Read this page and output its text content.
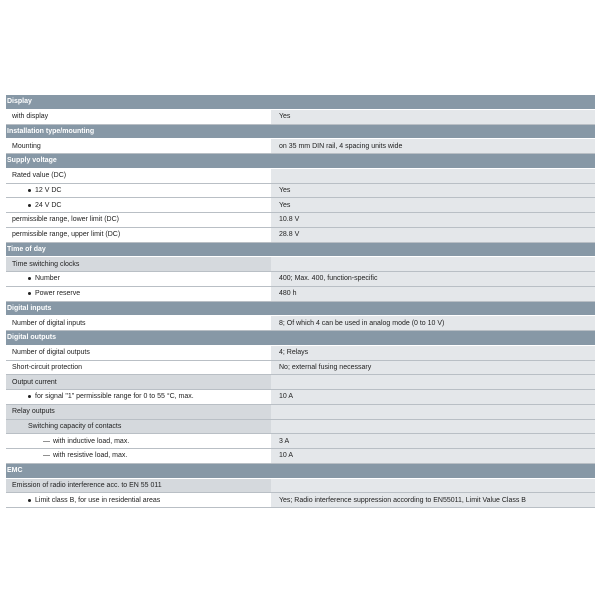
Display
with display	Yes
Installation type/mounting
Mounting	on 35 mm DIN rail, 4 spacing units wide
Supply voltage
Rated value (DC)
12 V DC	Yes
24 V DC	Yes
permissible range, lower limit (DC)	10.8 V
permissible range, upper limit (DC)	28.8 V
Time of day
Time switching clocks
Number	400; Max. 400, function-specific
Power reserve	480 h
Digital inputs
Number of digital inputs	8; Of which 4 can be used in analog mode (0 to 10 V)
Digital outputs
Number of digital outputs	4; Relays
Short-circuit protection	No; external fusing necessary
Output current
for signal "1" permissible range for 0 to 55 °C, max.	10 A
Relay outputs
Switching capacity of contacts
— with inductive load, max.	3 A
— with resistive load, max.	10 A
EMC
Emission of radio interference acc. to EN 55 011
Limit class B, for use in residential areas	Yes; Radio interference suppression according to EN55011, Limit Value Class B
